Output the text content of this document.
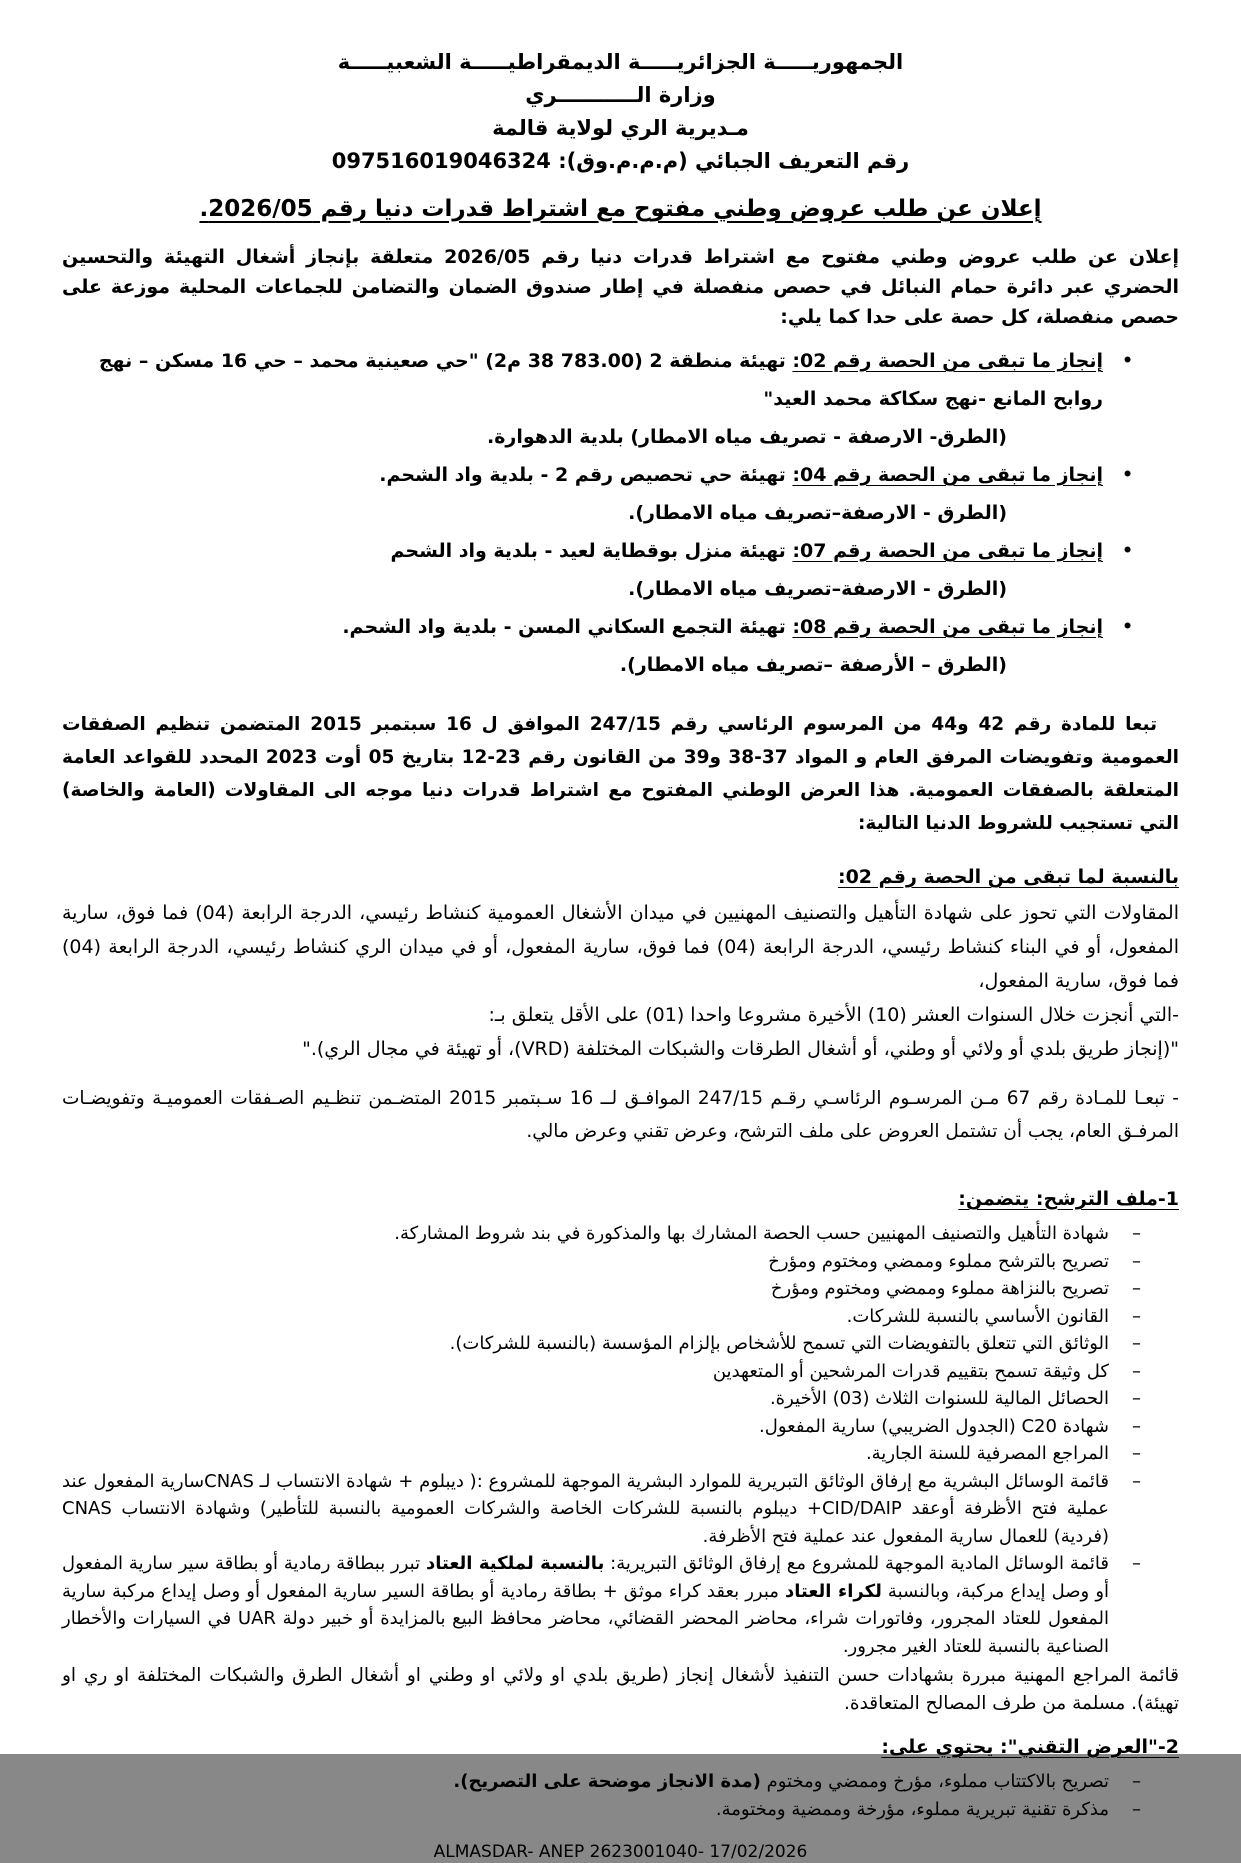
الجمهوريـــــة الجزائريـــــة الديمقراطيـــــة الشعبيـــــة
وزارة الـــــــــــري
مـديرية الري لولاية قالمة
رقم التعريف الجبائي (م.م.م.وق): 097516019046324
إعلان عن طلب عروض وطني مفتوح مع اشتراط قدرات دنيا رقم 2026/05.

إعلان عن طلب عروض وطني مفتوح مع اشتراط قدرات دنيا رقم 2026/05 متعلقة بإنجاز أشغال التهيئة والتحسين الحضري عبر دائرة حمام النبائل في حصص منفصلة في إطار صندوق الضمان والتضامن للجماعات المحلية موزعة على حصص منفصلة، كل حصة على حدا كما يلي:

•
إنجاز ما تبقى من الحصة رقم 02: تهيئة منطقة 2 (38 783.00 م2) "حي صعينية محمد – حي 16 مسكن – نهج روابح المانع -نهج سكاكة محمد العيد"
(الطرق- الارصفة - تصريف مياه الامطار) بلدية الدهوارة.
•
إنجاز ما تبقى من الحصة رقم 04: تهيئة حي تحصيص رقم 2 - بلدية واد الشحم.
(الطرق - الارصفة–تصريف مياه الامطار).
•
إنجاز ما تبقى من الحصة رقم 07: تهيئة منزل بوقطاية لعيد - بلدية واد الشحم
(الطرق - الارصفة–تصريف مياه الامطار).
•
إنجاز ما تبقى من الحصة رقم 08: تهيئة التجمع السكاني المسن - بلدية واد الشحم.
(الطرق – الأرصفة –تصريف مياه الامطار).

تبعا للمادة رقم 42 و44 من المرسوم الرئاسي رقم 247/15 الموافق ل 16 سبتمبر 2015 المتضمن تنظيم الصفقات العمومية وتفويضات المرفق العام و المواد 37-38 و39 من القانون رقم 23-12 بتاريخ 05 أوت 2023 المحدد للقواعد العامة المتعلقة بالصفقات العمومية. هذا العرض الوطني المفتوح مع اشتراط قدرات دنيا موجه الى المقاولات (العامة والخاصة) التي تستجيب للشروط الدنيا التالية:

بالنسبة لما تبقى من الحصة رقم 02:

المقاولات التي تحوز على شهادة التأهيل والتصنيف المهنيين في ميدان الأشغال العمومية كنشاط رئيسي، الدرجة الرابعة (04) فما فوق، سارية المفعول، أو في البناء كنشاط رئيسي، الدرجة الرابعة (04) فما فوق، سارية المفعول، أو في ميدان الري كنشاط رئيسي، الدرجة الرابعة (04) فما فوق، سارية المفعول،

-التي أنجزت خلال السنوات العشر (10) الأخيرة مشروعا واحدا (01) على الأقل يتعلق بـ:
"(إنجاز طريق بلدي أو ولائي أو وطني، أو أشغال الطرقات والشبكات المختلفة (VRD)، أو تهيئة في مجال الري)."

- تبعـا للمـادة رقم 67 مـن المرسـوم الرئاسـي رقـم 247/15 الموافـق لــ 16 سـبتمبر 2015 المتضـمن تنظـيم الصـفقات العموميـة وتفويضـات المرفـق العام، يجب أن تشتمل العروض على ملف الترشح، وعرض تقني وعرض مالي.

1-ملف الترشح: يتضمن:
–
شهادة التأهيل والتصنيف المهنيين حسب الحصة المشارك بها والمذكورة في بند شروط المشاركة.
–
تصريح بالترشح مملوء وممضي ومختوم ومؤرخ
–
تصريح بالنزاهة مملوء وممضي ومختوم ومؤرخ
–
القانون الأساسي بالنسبة للشركات.
–
الوثائق التي تتعلق بالتفويضات التي تسمح للأشخاص بإلزام المؤسسة (بالنسبة للشركات).
–
كل وثيقة تسمح بتقييم قدرات المرشحين أو المتعهدين
–
الحصائل المالية للسنوات الثلاث (03) الأخيرة.
–
شهادة C20 (الجدول الضريبي) سارية المفعول.
–
المراجع المصرفية للسنة الجارية.
–
قائمة الوسائل البشرية مع إرفاق الوثائق التبريرية للموارد البشرية الموجهة للمشروع :( ديبلوم + شهادة الانتساب لـ CNASسارية المفعول عند عملية فتح الأظرفة أوعقد CID/DAIP+ ديبلوم بالنسبة للشركات الخاصة والشركات العمومية بالنسبة للتأطير) وشهادة الانتساب CNAS (فردية) للعمال سارية المفعول عند عملية فتح الأظرفة.
–
قائمة الوسائل المادية الموجهة للمشروع مع إرفاق الوثائق التبريرية: بالنسبة لملكية العتاد تبرر ببطاقة رمادية أو بطاقة سير سارية المفعول أو وصل إيداع مركبة، وبالنسبة لكراء العتاد مبرر بعقد كراء موثق + بطاقة رمادية أو بطاقة السير سارية المفعول أو وصل إيداع مركبة سارية المفعول للعتاد المجرور، وفاتورات شراء، محاضر المحضر القضائي، محاضر محافظ البيع بالمزايدة أو خبير دولة UAR في السيارات والأخطار الصناعية بالنسبة للعتاد الغير مجرور.

قائمة المراجع المهنية مبررة بشهادات حسن التنفيذ لأشغال إنجاز (طريق بلدي او ولائي او وطني او أشغال الطرق والشبكات المختلفة او ري او تهيئة). مسلمة من طرف المصالح المتعاقدة.

2-"العرض التقني": يحتوي على:
–
تصريح بالاكتتاب مملوء، مؤرخ وممضي ومختوم (مدة الانجاز موضحة على التصريح).
–
مذكرة تقنية تبريرية مملوء، مؤرخة وممضية ومختومة.
ALMASDAR- ANEP 2623001040- 17/02/2026
